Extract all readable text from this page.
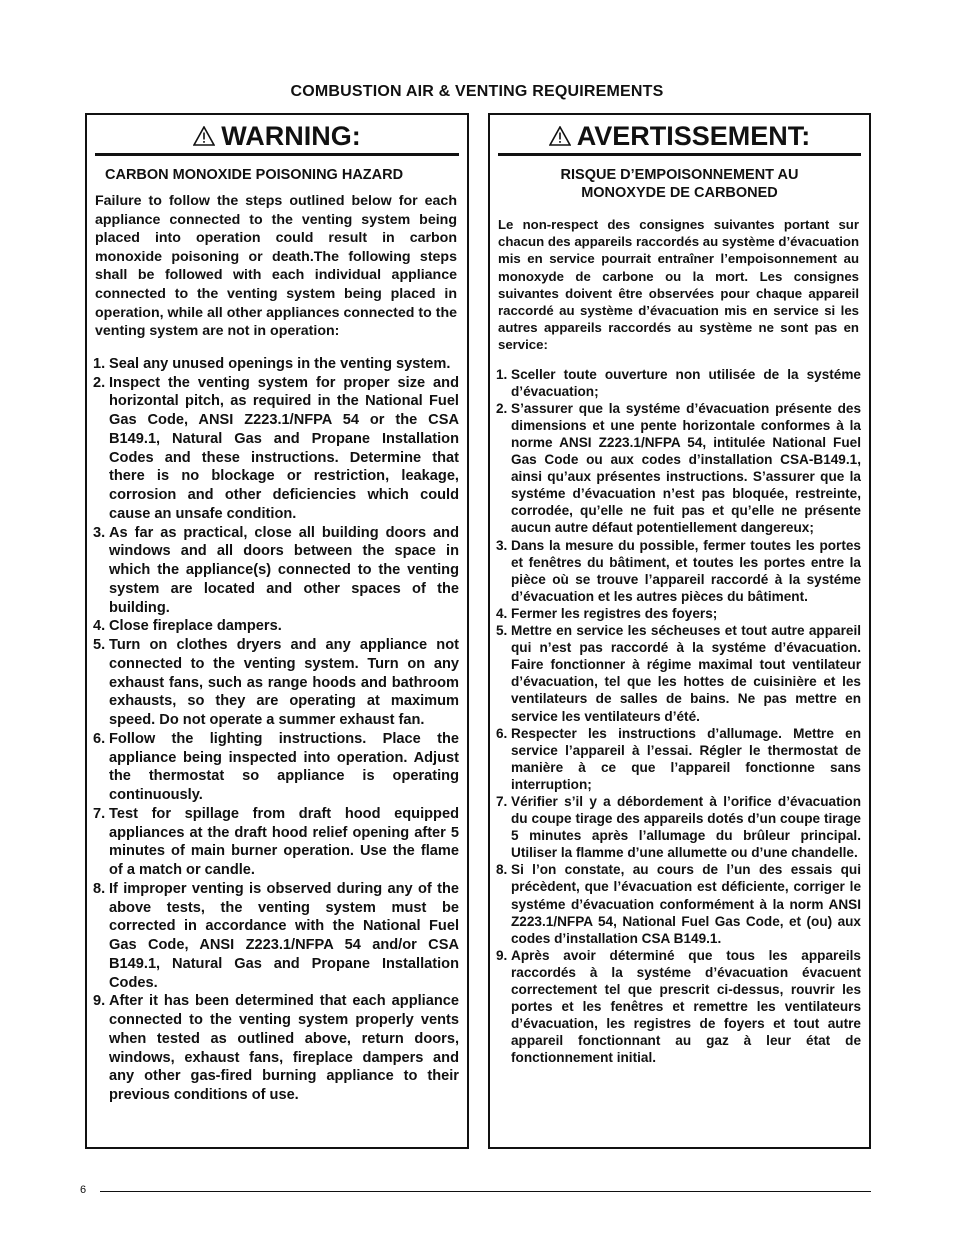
COMBUSTION AIR & VENTING REQUIREMENTS
WARNING:
CARBON MONOXIDE POISONING HAZARD
Failure to follow the steps outlined below for each appliance connected to the venting system being placed into operation could result in carbon monoxide poisoning or death.The following steps shall be followed with each individual appliance connected to the venting system being placed in operation, while all other appliances connected to the venting system are not in operation:
1. Seal any unused openings in the venting system.
2. Inspect the venting system for proper size and horizontal pitch, as required in the National Fuel Gas Code, ANSI Z223.1/NFPA 54 or the CSA B149.1, Natural Gas and Propane Installation Codes and these instructions. Determine that there is no blockage or restriction, leakage, corrosion and other deficiencies which could cause an unsafe condition.
3. As far as practical, close all building doors and windows and all doors between the space in which the appliance(s) connected to the venting system are located and other spaces of the building.
4. Close fireplace dampers.
5. Turn on clothes dryers and any appliance not connected to the venting system. Turn on any exhaust fans, such as range hoods and bathroom exhausts, so they are operating at maximum speed. Do not operate a summer exhaust fan.
6. Follow the lighting instructions. Place the appliance being inspected into operation. Adjust the thermostat so appliance is operating continuously.
7. Test for spillage from draft hood equipped appliances at the draft hood relief opening after 5 minutes of main burner operation. Use the flame of a match or candle.
8. If improper venting is observed during any of the above tests, the venting system must be corrected in accordance with the National Fuel Gas Code, ANSI Z223.1/NFPA 54 and/or CSA B149.1, Natural Gas and Propane Installation Codes.
9. After it has been determined that each appliance connected to the venting system properly vents when tested as outlined above, return doors, windows, exhaust fans, fireplace dampers and any other gas-fired burning appliance to their previous conditions of use.
AVERTISSEMENT:
RISQUE D’EMPOISONNEMENT AU
MONOXYDE DE CARBONED
Le non-respect des consignes suivantes portant sur chacun des appareils raccordés au système d’évacuation mis en service pourrait entraîner l’empoisonnement au monoxyde de carbone ou la mort. Les consignes suivantes doivent être observées pour chaque appareil raccordé au système d’évacuation mis en service si les autres appareils raccordés au système ne sont pas en service:
1. Sceller toute ouverture non utilisée de la systéme d’évacuation;
2. S’assurer que la systéme d’évacuation présente des dimensions et une pente horizontale conformes à la norme ANSI Z223.1/NFPA 54, intitulée National Fuel Gas Code ou aux codes d’installation CSA-B149.1, ainsi qu’aux présentes instructions. S’assurer que la systéme d’évacuation n’est pas bloquée, restreinte, corrodée, qu’elle ne fuit pas et qu’elle ne présente aucun autre défaut potentiellement dangereux;
3. Dans la mesure du possible, fermer toutes les portes et fenêtres du bâtiment, et toutes les portes entre la pièce où se trouve l’appareil raccordé à la systéme d’évacuation et les autres pièces du bâtiment.
4. Fermer les registres des foyers;
5. Mettre en service les sécheuses et tout autre appareil qui n’est pas raccordé à la systéme d’évacuation. Faire fonctionner à régime maximal tout ventilateur d’évacuation, tel que les hottes de cuisinière et les ventilateurs de salles de bains. Ne pas mettre en service les ventilateurs d’été.
6. Respecter les instructions d’allumage. Mettre en service l’appareil à l’essai. Régler le thermostat de manière à ce que l’appareil fonctionne sans interruption;
7. Vérifier s’il y a débordement à l’orifice d’évacuation du coupe tirage des appareils dotés d’un coupe tirage 5 minutes après l’allumage du brûleur principal. Utiliser la flamme d’une allumette ou d’une chandelle.
8. Si l’on constate, au cours de l’un des essais qui précèdent, que l’évacuation est déficiente, corriger le systéme d’évacuation conformément à la norm ANSI Z223.1/NFPA 54, National Fuel Gas Code, et (ou) aux codes d’installation CSA B149.1.
9. Après avoir déterminé que tous les appareils raccordés à la systéme d’évacuation évacuent correctement tel que prescrit ci-dessus, rouvrir les portes et les fenêtres et remettre les ventilateurs d’évacuation, les registres de foyers et tout autre appareil fonctionnant au gaz à leur état de fonctionnement initial.
6
